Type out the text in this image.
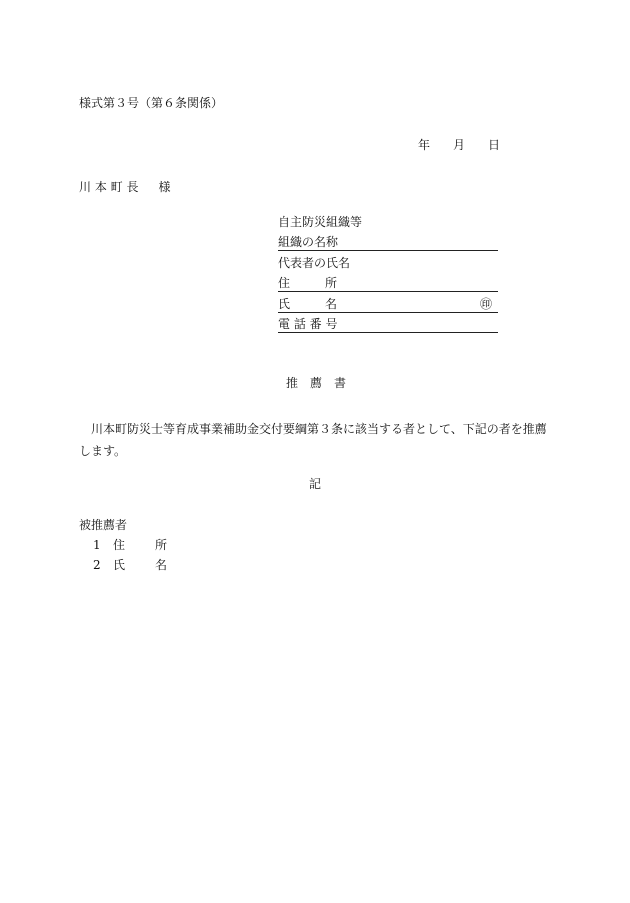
様式第３号（第６条関係）
年 月 日
川 本 町 長 様
自主防災組織等
組織の名称
代表者の氏名
住	所
氏	名	㊞
電 話 番 号
推 薦 書
川本町防災士等育成事業補助金交付要綱第３条に該当する者として、下記の者を推薦します。
記
被推薦者
1 住	所
2 氏	名
